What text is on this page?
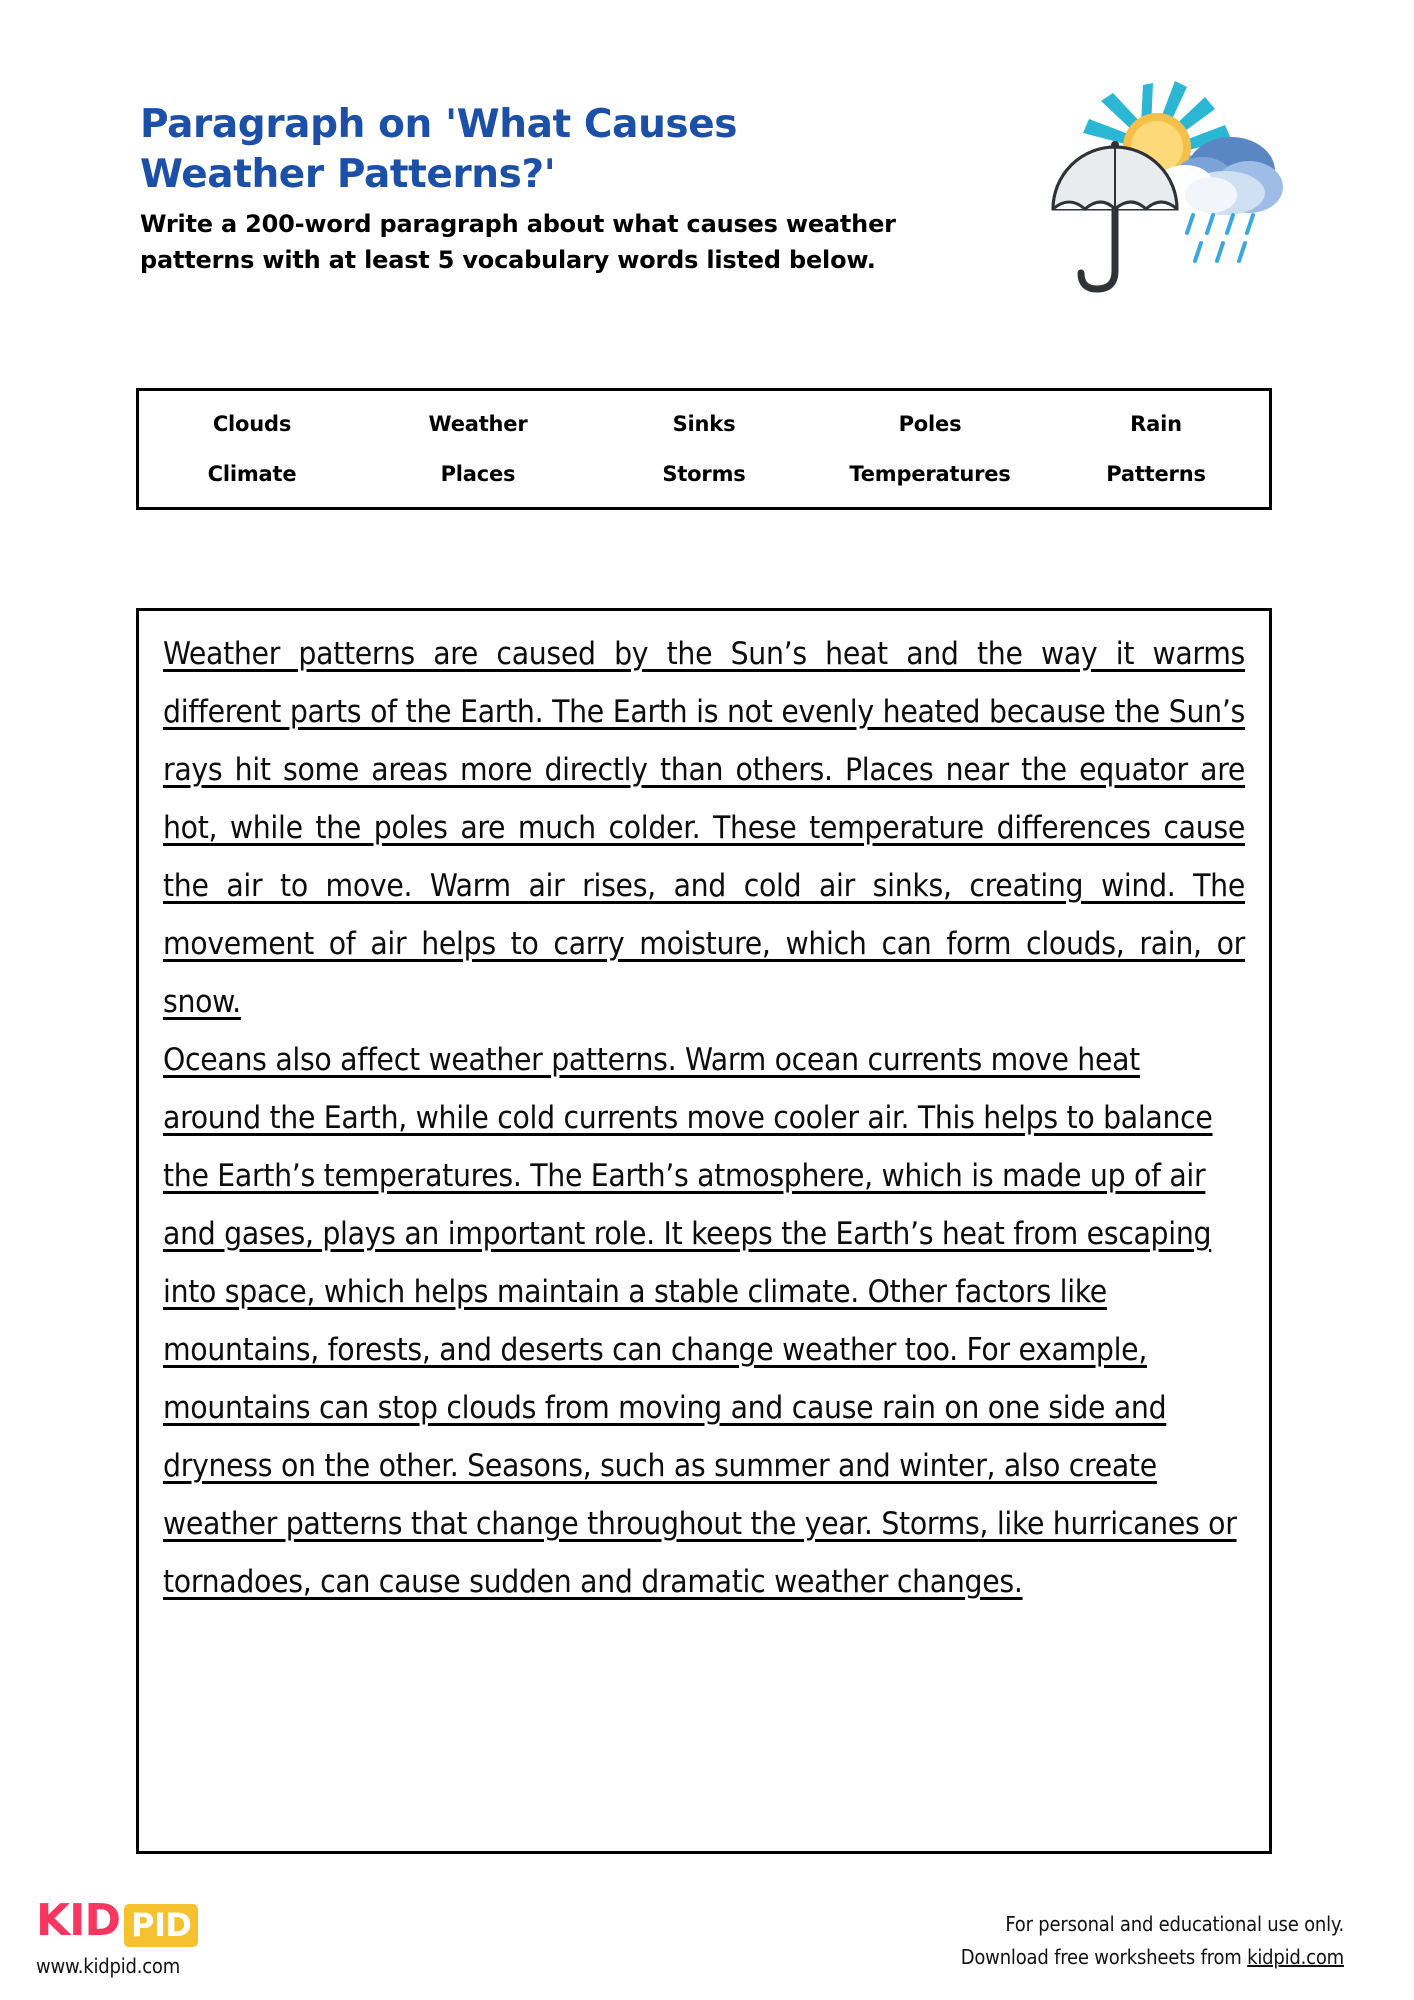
Paragraph on 'What Causes Weather Patterns?'

Write a 200-word paragraph about what causes weather patterns with at least 5 vocabulary words listed below.

Clouds	Weather	Sinks	Poles	Rain
Climate	Places	Storms	Temperatures	Patterns

Weather patterns are caused by the Sun’s heat and the way it warms different parts of the Earth. The Earth is not evenly heated because the Sun’s rays hit some areas more directly than others. Places near the equator are hot, while the poles are much colder. These temperature differences cause the air to move. Warm air rises, and cold air sinks, creating wind. The movement of air helps to carry moisture, which can form clouds, rain, or snow.

Oceans also affect weather patterns. Warm ocean currents move heat around the Earth, while cold currents move cooler air. This helps to balance the Earth’s temperatures. The Earth’s atmosphere, which is made up of air and gases, plays an important role. It keeps the Earth’s heat from escaping into space, which helps maintain a stable climate. Other factors like mountains, forests, and deserts can change weather too. For example, mountains can stop clouds from moving and cause rain on one side and dryness on the other. Seasons, such as summer and winter, also create weather patterns that change throughout the year. Storms, like hurricanes or tornadoes, can cause sudden and dramatic weather changes.

KID PID
www.kidpid.com
For personal and educational use only.
Download free worksheets from kidpid.com
